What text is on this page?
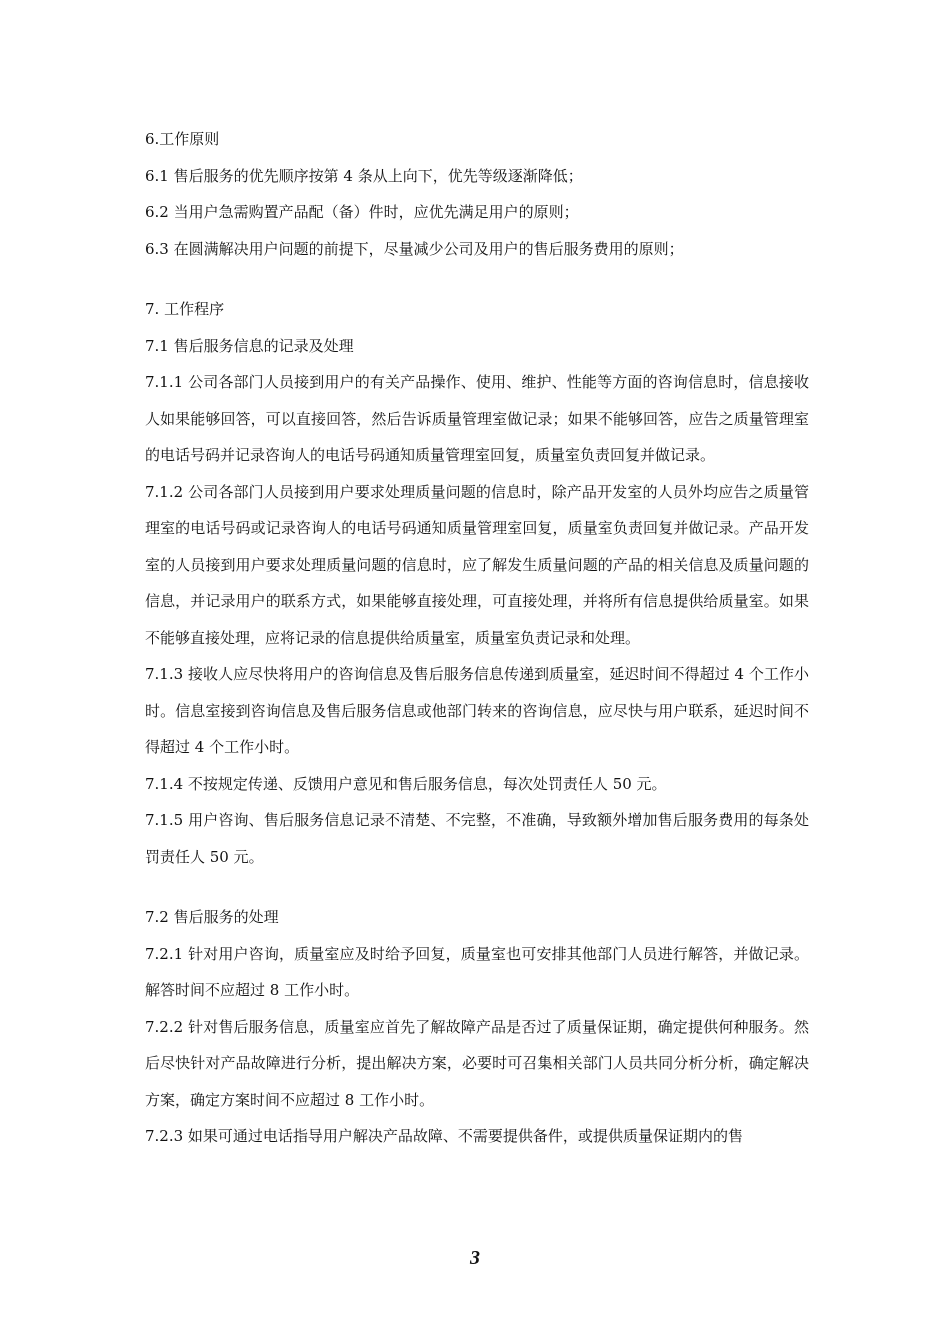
6.工作原则

6.1 售后服务的优先顺序按第 4 条从上向下，优先等级逐渐降低；

6.2 当用户急需购置产品配（备）件时，应优先满足用户的原则；

6.3 在圆满解决用户问题的前提下，尽量减少公司及用户的售后服务费用的原则；

7. 工作程序

7.1 售后服务信息的记录及处理

7.1.1 公司各部门人员接到用户的有关产品操作、使用、维护、性能等方面的咨询信息时，信息接收人如果能够回答，可以直接回答，然后告诉质量管理室做记录；如果不能够回答，应告之质量管理室的电话号码并记录咨询人的电话号码通知质量管理室回复，质量室负责回复并做记录。

7.1.2 公司各部门人员接到用户要求处理质量问题的信息时，除产品开发室的人员外均应告之质量管理室的电话号码或记录咨询人的电话号码通知质量管理室回复，质量室负责回复并做记录。产品开发室的人员接到用户要求处理质量问题的信息时，应了解发生质量问题的产品的相关信息及质量问题的信息，并记录用户的联系方式，如果能够直接处理，可直接处理，并将所有信息提供给质量室。如果不能够直接处理，应将记录的信息提供给质量室，质量室负责记录和处理。

7.1.3 接收人应尽快将用户的咨询信息及售后服务信息传递到质量室，延迟时间不得超过 4 个工作小时。信息室接到咨询信息及售后服务信息或他部门转来的咨询信息，应尽快与用户联系，延迟时间不得超过 4 个工作小时。

7.1.4 不按规定传递、反馈用户意见和售后服务信息，每次处罚责任人 50 元。

7.1.5 用户咨询、售后服务信息记录不清楚、不完整，不准确，导致额外增加售后服务费用的每条处罚责任人 50 元。

7.2 售后服务的处理

7.2.1 针对用户咨询，质量室应及时给予回复，质量室也可安排其他部门人员进行解答，并做记录。解答时间不应超过 8 工作小时。

7.2.2 针对售后服务信息，质量室应首先了解故障产品是否过了质量保证期，确定提供何种服务。然后尽快针对产品故障进行分析，提出解决方案，必要时可召集相关部门人员共同分析分析，确定解决方案，确定方案时间不应超过 8 工作小时。

7.2.3 如果可通过电话指导用户解决产品故障、不需要提供备件，或提供质量保证期内的售

3
